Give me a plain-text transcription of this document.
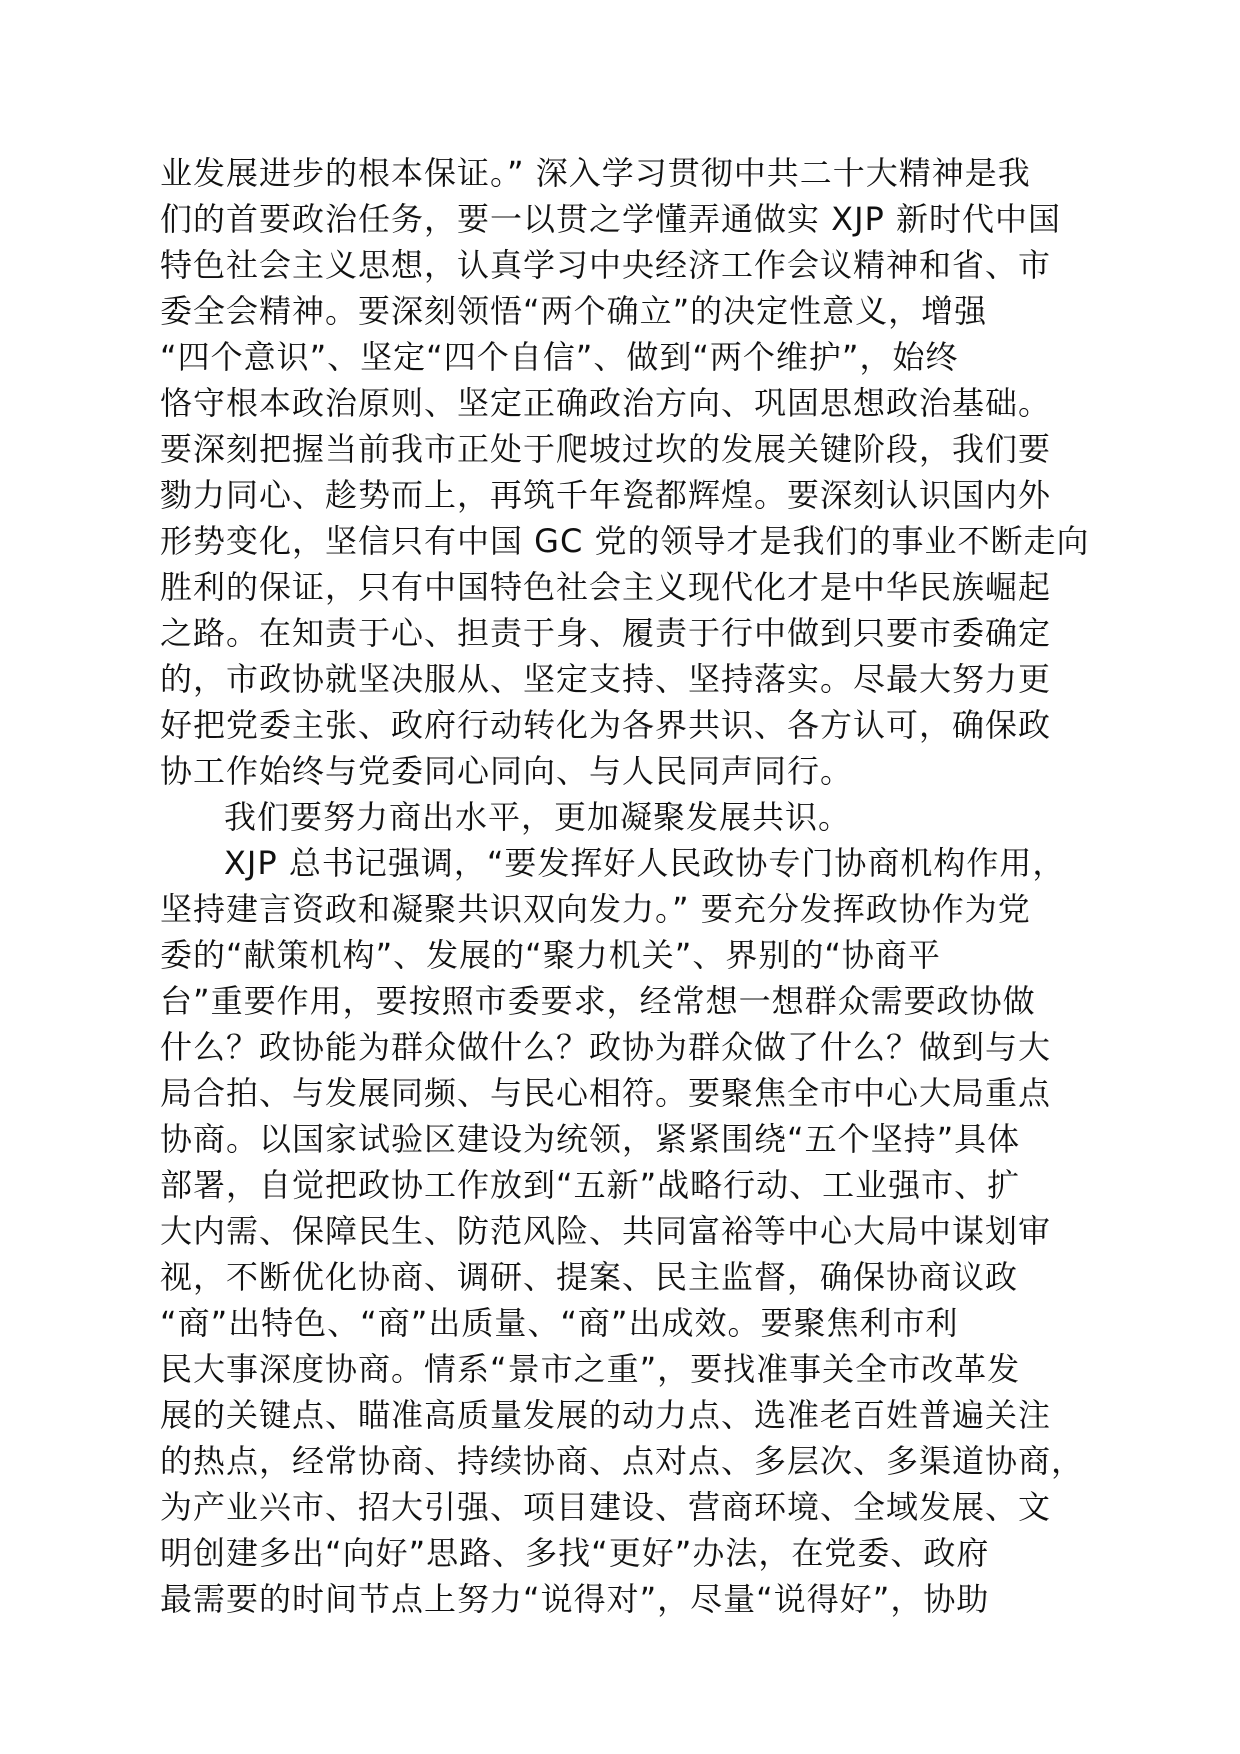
业发展进步的根本保证。” 深入学习贯彻中共二十大精神是我
们的首要政治任务，要一以贯之学懂弄通做实 XJP 新时代中国
特色社会主义思想，认真学习中央经济工作会议精神和省、市
委全会精神。要深刻领悟“两个确立”的决定性意义，增强
“四个意识”、坚定“四个自信”、做到“两个维护”，始终
恪守根本政治原则、坚定正确政治方向、巩固思想政治基础。
要深刻把握当前我市正处于爬坡过坎的发展关键阶段，我们要
勠力同心、趁势而上，再筑千年瓷都辉煌。要深刻认识国内外
形势变化，坚信只有中国 GC 党的领导才是我们的事业不断走向
胜利的保证，只有中国特色社会主义现代化才是中华民族崛起
之路。在知责于心、担责于身、履责于行中做到只要市委确定
的，市政协就坚决服从、坚定支持、坚持落实。尽最大努力更
好把党委主张、政府行动转化为各界共识、各方认可，确保政
协工作始终与党委同心同向、与人民同声同行。
我们要努力商出水平，更加凝聚发展共识。
XJP 总书记强调，“要发挥好人民政协专门协商机构作用，
坚持建言资政和凝聚共识双向发力。” 要充分发挥政协作为党
委的“献策机构”、发展的“聚力机关”、界别的“协商平
台”重要作用，要按照市委要求，经常想一想群众需要政协做
什么？政协能为群众做什么？政协为群众做了什么？做到与大
局合拍、与发展同频、与民心相符。要聚焦全市中心大局重点
协商。以国家试验区建设为统领，紧紧围绕“五个坚持”具体
部署，自觉把政协工作放到“五新”战略行动、工业强市、扩
大内需、保障民生、防范风险、共同富裕等中心大局中谋划审
视，不断优化协商、调研、提案、民主监督，确保协商议政
“商”出特色、“商”出质量、“商”出成效。要聚焦利市利
民大事深度协商。情系“景市之重”，要找准事关全市改革发
展的关键点、瞄准高质量发展的动力点、选准老百姓普遍关注
的热点，经常协商、持续协商、点对点、多层次、多渠道协商，
为产业兴市、招大引强、项目建设、营商环境、全域发展、文
明创建多出“向好”思路、多找“更好”办法，在党委、政府
最需要的时间节点上努力“说得对”，尽量“说得好”，协助
